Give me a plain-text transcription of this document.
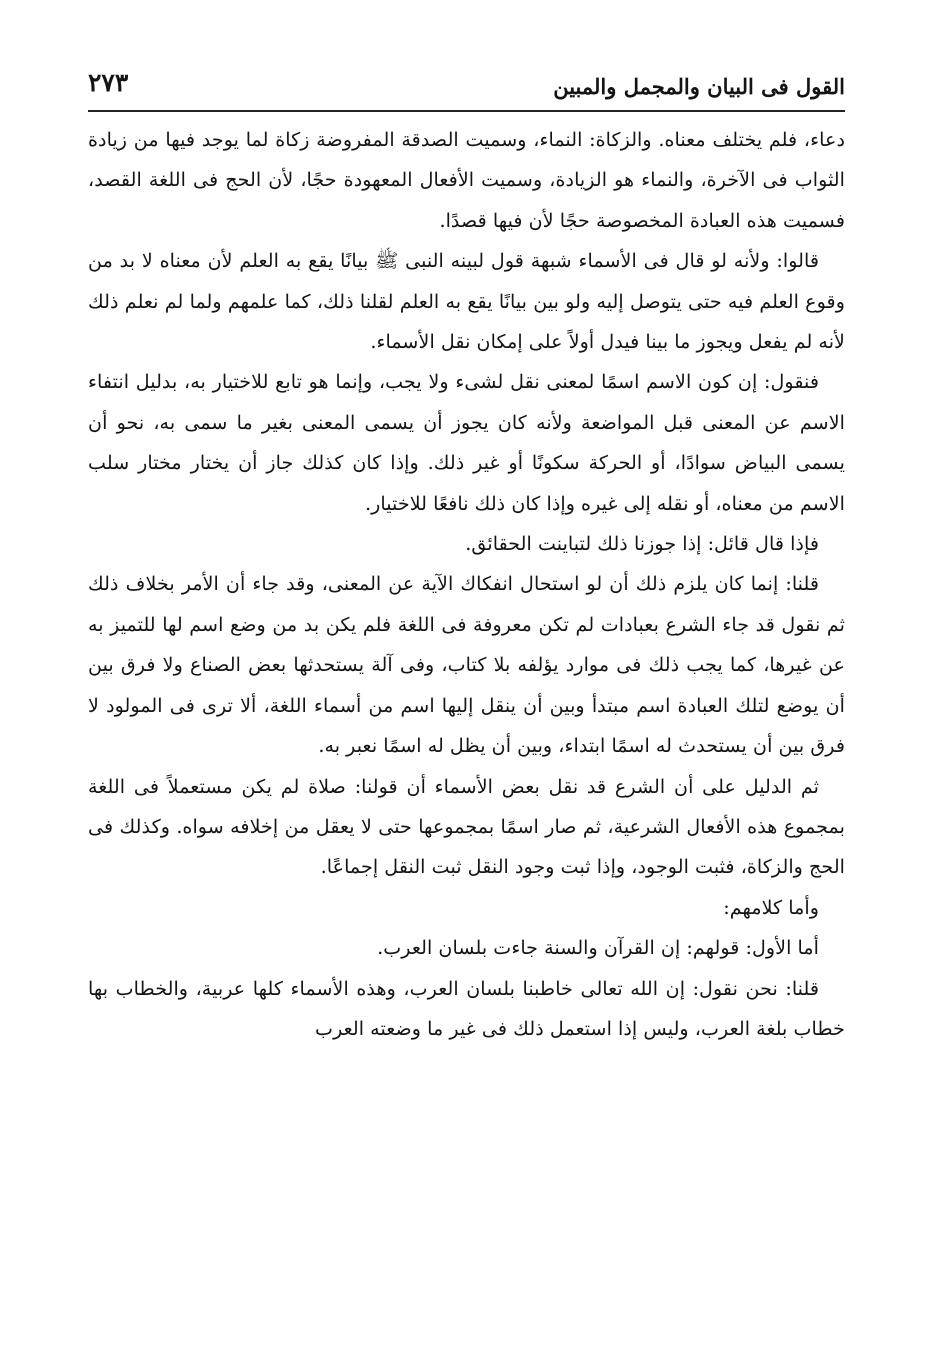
القول فى البيان والمجمل والمبين
٢٧٣

دعاء، فلم يختلف معناه. والزكاة: النماء، وسميت الصدقة المفروضة زكاة لما يوجد فيها من زيادة الثواب فى الآخرة، والنماء هو الزيادة، وسميت الأفعال المعهودة حجًا، لأن الحج فى اللغة القصد، فسميت هذه العبادة المخصوصة حجًا لأن فيها قصدًا.

قالوا: ولأنه لو قال فى الأسماء شبهة قول لبينه النبى ﷺ بيانًا يقع به العلم لأن معناه لا بد من وقوع العلم فيه حتى يتوصل إليه ولو بين بيانًا يقع به العلم لقلنا ذلك، كما علمهم ولما لم نعلم ذلك لأنه لم يفعل ويجوز ما بينا فيدل أولاً على إمكان نقل الأسماء.

فنقول: إن كون الاسم اسمًا لمعنى نقل لشىء ولا يجب، وإنما هو تابع للاختيار به، بدليل انتفاء الاسم عن المعنى قبل المواضعة ولأنه كان يجوز أن يسمى المعنى بغير ما سمى به، نحو أن يسمى البياض سوادًا، أو الحركة سكونًا أو غير ذلك. وإذا كان كذلك جاز أن يختار مختار سلب الاسم من معناه، أو نقله إلى غيره وإذا كان ذلك نافعًا للاختيار.

فإذا قال قائل: إذا جوزنا ذلك لتباينت الحقائق.

قلنا: إنما كان يلزم ذلك أن لو استحال انفكاك الآية عن المعنى، وقد جاء أن الأمر بخلاف ذلك ثم نقول قد جاء الشرع بعبادات لم تكن معروفة فى اللغة فلم يكن بد من وضع اسم لها للتميز به عن غيرها، كما يجب ذلك فى موارد يؤلفه بلا كتاب، وفى آلة يستحدثها بعض الصناع ولا فرق بين أن يوضع لتلك العبادة اسم مبتدأ وبين أن ينقل إليها اسم من أسماء اللغة، ألا ترى فى المولود لا فرق بين أن يستحدث له اسمًا ابتداء، وبين أن يظل له اسمًا نعبر به.

ثم الدليل على أن الشرع قد نقل بعض الأسماء أن قولنا: صلاة لم يكن مستعملاً فى اللغة بمجموع هذه الأفعال الشرعية، ثم صار اسمًا بمجموعها حتى لا يعقل من إخلافه سواه. وكذلك فى الحج والزكاة، فثبت الوجود، وإذا ثبت وجود النقل ثبت النقل إجماعًا.

وأما كلامهم:

أما الأول: قولهم: إن القرآن والسنة جاءت بلسان العرب.

قلنا: نحن نقول: إن الله تعالى خاطبنا بلسان العرب، وهذه الأسماء كلها عربية، والخطاب بها خطاب بلغة العرب، وليس إذا استعمل ذلك فى غير ما وضعته العرب
